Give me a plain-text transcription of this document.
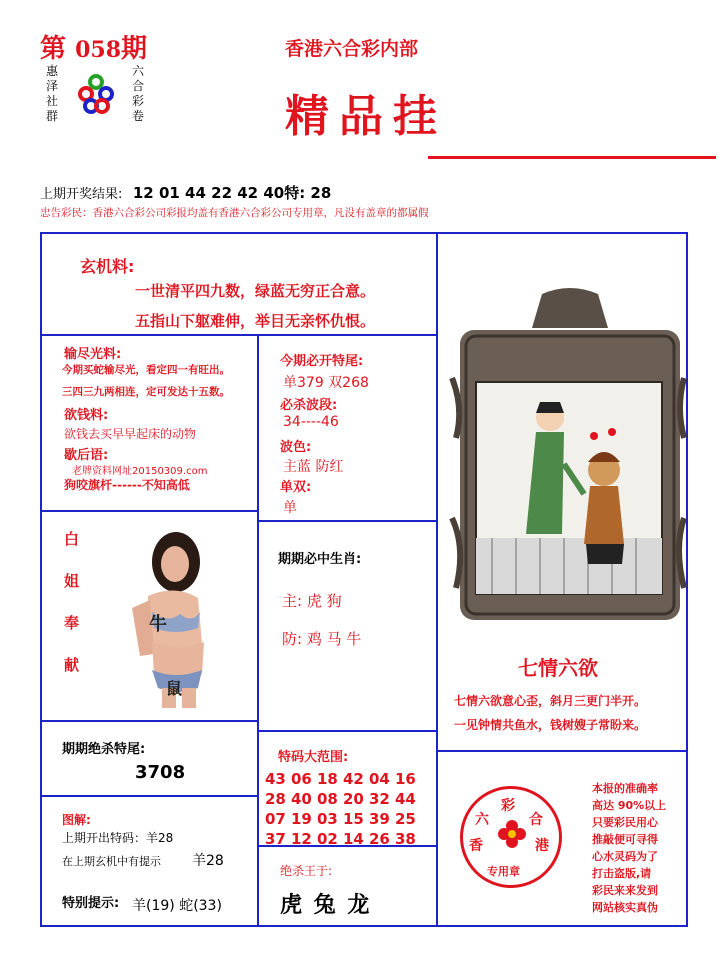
第 058期
惠泽社群
六合彩卷
香港六合彩内部
精品挂
上期开奖结果: 12 01 44 22 42 40特: 28
忠告彩民：香港六合彩公司彩报均盖有香港六合彩公司专用章，凡没有盖章的都属假
玄机料:
一世清平四九数，绿蓝无穷正合意。
五指山下躯难伸，举目无亲怀仇恨。
输尽光料:
今期买蛇输尽光，看定四一有旺出。
三四三九两相连，定可发达十五数。
欲钱料:
欲钱去买早早起床的动物
歇后语:
老牌资料网址20150309.com
狗咬旗杆------不知高低
白
姐
奉
献
牛
鼠
期期绝杀特尾:
3708
图解:
上期开出特码：羊28
在上期玄机中有提示 羊28
特别提示: 羊(19) 蛇(33)
今期必开特尾:
单379 双268
必杀波段:
34----46
波色:
主蓝 防红
单双:
单
期期必中生肖:
主: 虎 狗
防: 鸡 马 牛
特码大范围:
43 06 18 42 04 16
28 40 08 20 32 44
07 19 03 15 39 25
37 12 02 14 26 38
绝杀王于:
虎 兔 龙
七情六欲
七情六欲意心歪，斜月三更门半开。
一见钟情共鱼水，钱树嫂子常盼来。
彩
合
港
香
六
专用章
本报的准确率
高达 90%以上
只要彩民用心
推敲便可寻得
心水灵码为了
打击盗版,请
彩民来来发到
网站核实真伪
